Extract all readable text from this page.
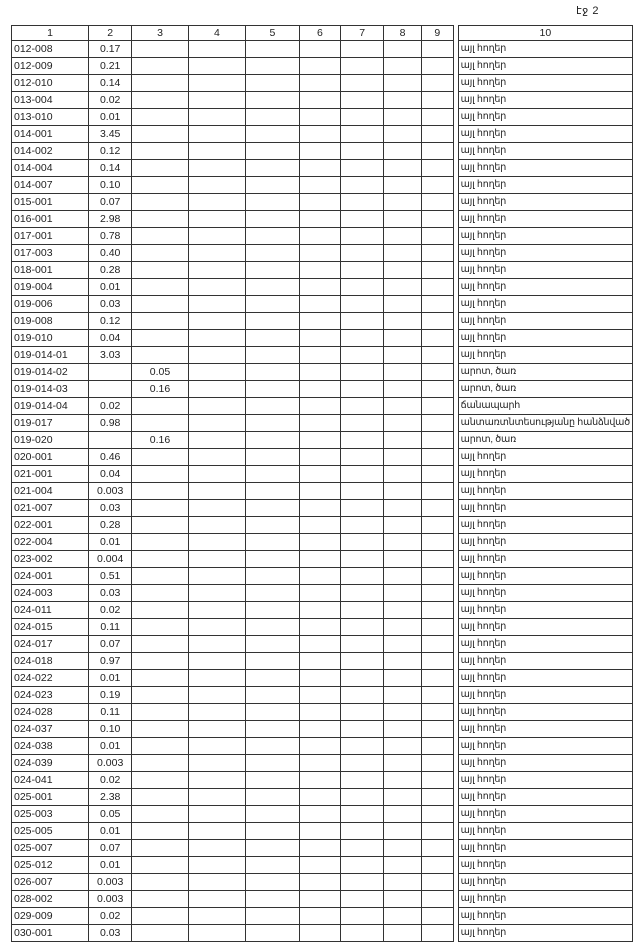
էջ 2
1	2	3	4	5	6	7	8	9		10
012-008	0.17									այլ հողեր
012-009	0.21									այլ հողեր
012-010	0.14									այլ հողեր
013-004	0.02									այլ հողեր
013-010	0.01									այլ հողեր
014-001	3.45									այլ հողեր
014-002	0.12									այլ հողեր
014-004	0.14									այլ հողեր
014-007	0.10									այլ հողեր
015-001	0.07									այլ հողեր
016-001	2.98									այլ հողեր
017-001	0.78									այլ հողեր
017-003	0.40									այլ հողեր
018-001	0.28									այլ հողեր
019-004	0.01									այլ հողեր
019-006	0.03									այլ հողեր
019-008	0.12									այլ հողեր
019-010	0.04									այլ հողեր
019-014-01	3.03									այլ հողեր
019-014-02		0.05								արոտ, ծառ
019-014-03		0.16								արոտ, ծառ
019-014-04	0.02									ճանապարհ
019-017	0.98									անտառտնտեսությանը հանձնված
019-020		0.16								արոտ, ծառ
020-001	0.46									այլ հողեր
021-001	0.04									այլ հողեր
021-004	0.003									այլ հողեր
021-007	0.03									այլ հողեր
022-001	0.28									այլ հողեր
022-004	0.01									այլ հողեր
023-002	0.004									այլ հողեր
024-001	0.51									այլ հողեր
024-003	0.03									այլ հողեր
024-011	0.02									այլ հողեր
024-015	0.11									այլ հողեր
024-017	0.07									այլ հողեր
024-018	0.97									այլ հողեր
024-022	0.01									այլ հողեր
024-023	0.19									այլ հողեր
024-028	0.11									այլ հողեր
024-037	0.10									այլ հողեր
024-038	0.01									այլ հողեր
024-039	0.003									այլ հողեր
024-041	0.02									այլ հողեր
025-001	2.38									այլ հողեր
025-003	0.05									այլ հողեր
025-005	0.01									այլ հողեր
025-007	0.07									այլ հողեր
025-012	0.01									այլ հողեր
026-007	0.003									այլ հողեր
028-002	0.003									այլ հողեր
029-009	0.02									այլ հողեր
030-001	0.03									այլ հողեր
